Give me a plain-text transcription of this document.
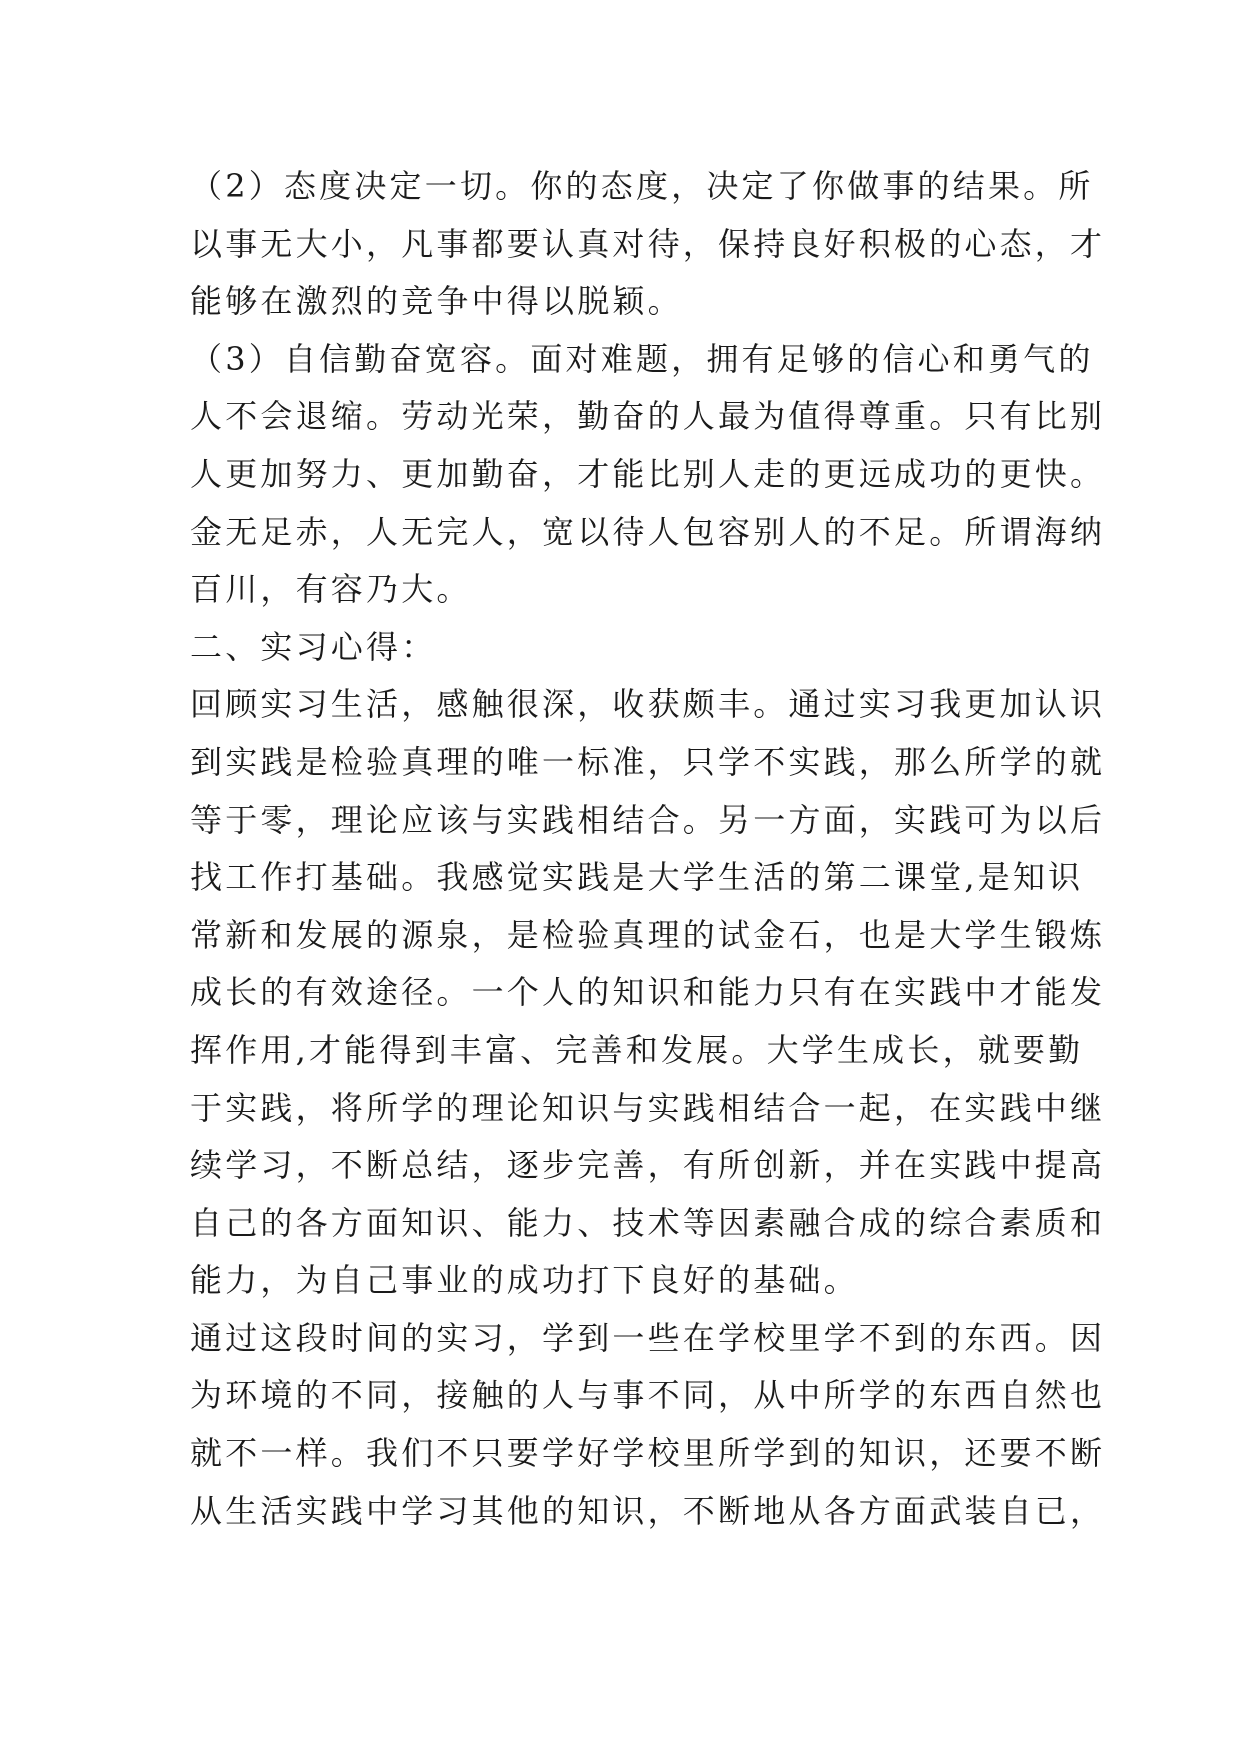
（2）态度决定一切。你的态度，决定了你做事的结果。所
以事无大小，凡事都要认真对待，保持良好积极的心态，才
能够在激烈的竞争中得以脱颖。
（3）自信勤奋宽容。面对难题，拥有足够的信心和勇气的
人不会退缩。劳动光荣，勤奋的人最为值得尊重。只有比别
人更加努力、更加勤奋，才能比别人走的更远成功的更快。
金无足赤，人无完人，宽以待人包容别人的不足。所谓海纳
百川，有容乃大。
二、实习心得：
回顾实习生活，感触很深，收获颇丰。通过实习我更加认识
到实践是检验真理的唯一标准，只学不实践，那么所学的就
等于零，理论应该与实践相结合。另一方面，实践可为以后
找工作打基础。我感觉实践是大学生活的第二课堂,是知识
常新和发展的源泉，是检验真理的试金石，也是大学生锻炼
成长的有效途径。一个人的知识和能力只有在实践中才能发
挥作用,才能得到丰富、完善和发展。大学生成长，就要勤
于实践，将所学的理论知识与实践相结合一起，在实践中继
续学习，不断总结，逐步完善，有所创新，并在实践中提高
自己的各方面知识、能力、技术等因素融合成的综合素质和
能力，为自己事业的成功打下良好的基础。
通过这段时间的实习，学到一些在学校里学不到的东西。因
为环境的不同，接触的人与事不同，从中所学的东西自然也
就不一样。我们不只要学好学校里所学到的知识，还要不断
从生活实践中学习其他的知识，不断地从各方面武装自已，
